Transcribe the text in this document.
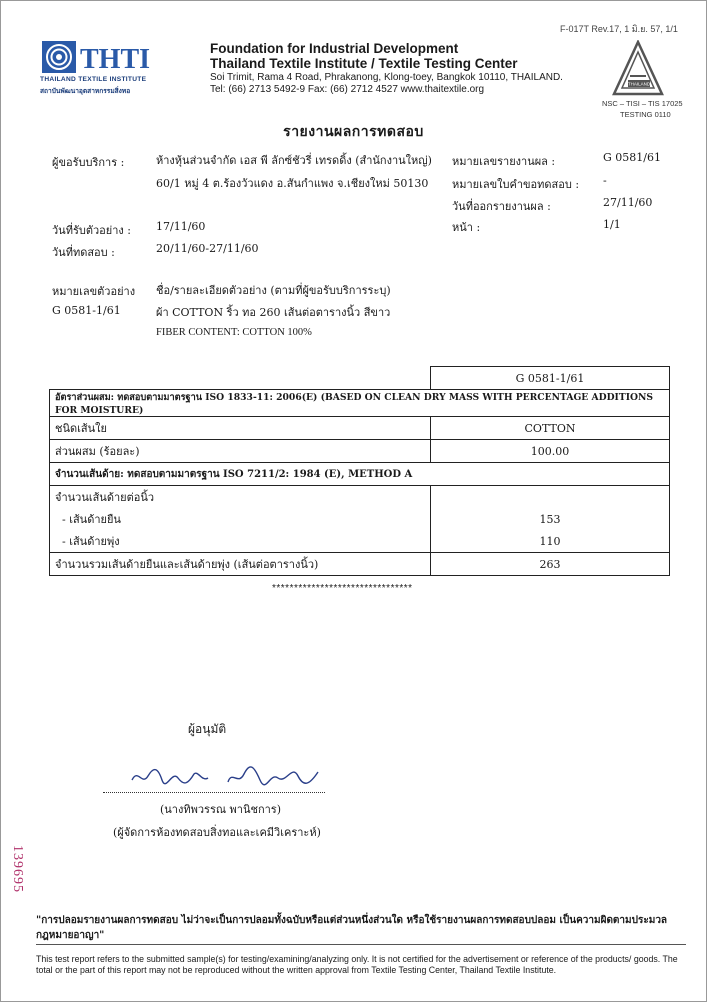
F-017T Rev.17, 1 มิ.ย. 57, 1/1
THTI
THAILAND TEXTILE INSTITUTE
สถาบันพัฒนาอุตสาหกรรมสิ่งทอ
Foundation for Industrial Development
Thailand Textile Institute / Textile Testing Center
Soi Trimit, Rama 4 Road, Phrakanong, Klong-toey, Bangkok 10110, THAILAND.
Tel: (66) 2713 5492-9 Fax: (66) 2712 4527 www.thaitextile.org	THAILAND
NSC – TISI – TIS 17025
TESTING 0110
รายงานผลการทดสอบ
ผู้ขอรับบริการ :	ห้างหุ้นส่วนจำกัด เอส พี ลักซ์ชัวรี่ เทรดดิ้ง (สำนักงานใหญ่)
60/1 หมู่ 4 ต.ร้องวัวแดง อ.สันกำแพง จ.เชียงใหม่ 50130
หมายเลขรายงานผล :	G 0581/61
หมายเลขใบคำขอทดสอบ : -
วันที่ออกรายงานผล :	27/11/60
หน้า :	1/1
วันที่รับตัวอย่าง : 17/11/60
วันที่ทดสอบ :	20/11/60-27/11/60
หมายเลขตัวอย่าง ชื่อ/รายละเอียดตัวอย่าง (ตามที่ผู้ขอรับบริการระบุ)
G 0581-1/61	ผ้า COTTON ริ้ว ทอ 260 เส้นต่อตารางนิ้ว สีขาว
FIBER CONTENT: COTTON 100%
	G 0581-1/61
อัตราส่วนผสม: ทดสอบตามมาตรฐาน ISO 1833-11: 2006(E) (BASED ON CLEAN DRY MASS WITH PERCENTAGE ADDITIONS FOR MOISTURE)	
ชนิดเส้นใย	COTTON
ส่วนผสม (ร้อยละ)	100.00
จำนวนเส้นด้าย: ทดสอบตามมาตรฐาน ISO 7211/2: 1984 (E), METHOD A	
จำนวนเส้นด้ายต่อนิ้ว	
- เส้นด้ายยืน	153
- เส้นด้ายพุ่ง	110
จำนวนรวมเส้นด้ายยืนและเส้นด้ายพุ่ง (เส้นต่อตารางนิ้ว)	263
********************************
ผู้อนุมัติ
(นางทิพวรรณ พานิชการ)
(ผู้จัดการห้องทดสอบสิ่งทอและเคมีวิเคราะห์)
139695
"การปลอมรายงานผลการทดสอบ ไม่ว่าจะเป็นการปลอมทั้งฉบับหรือแต่ส่วนหนึ่งส่วนใด หรือใช้รายงานผลการทดสอบปลอม เป็นความผิดตามประมวลกฎหมายอาญา"
This test report refers to the submitted sample(s) for testing/examining/analyzing only. It is not certified for the advertisement or reference of the products/ goods. The total or the part of this report may not be reproduced without the written approval from Textile Testing Center, Thailand Textile Institute.
